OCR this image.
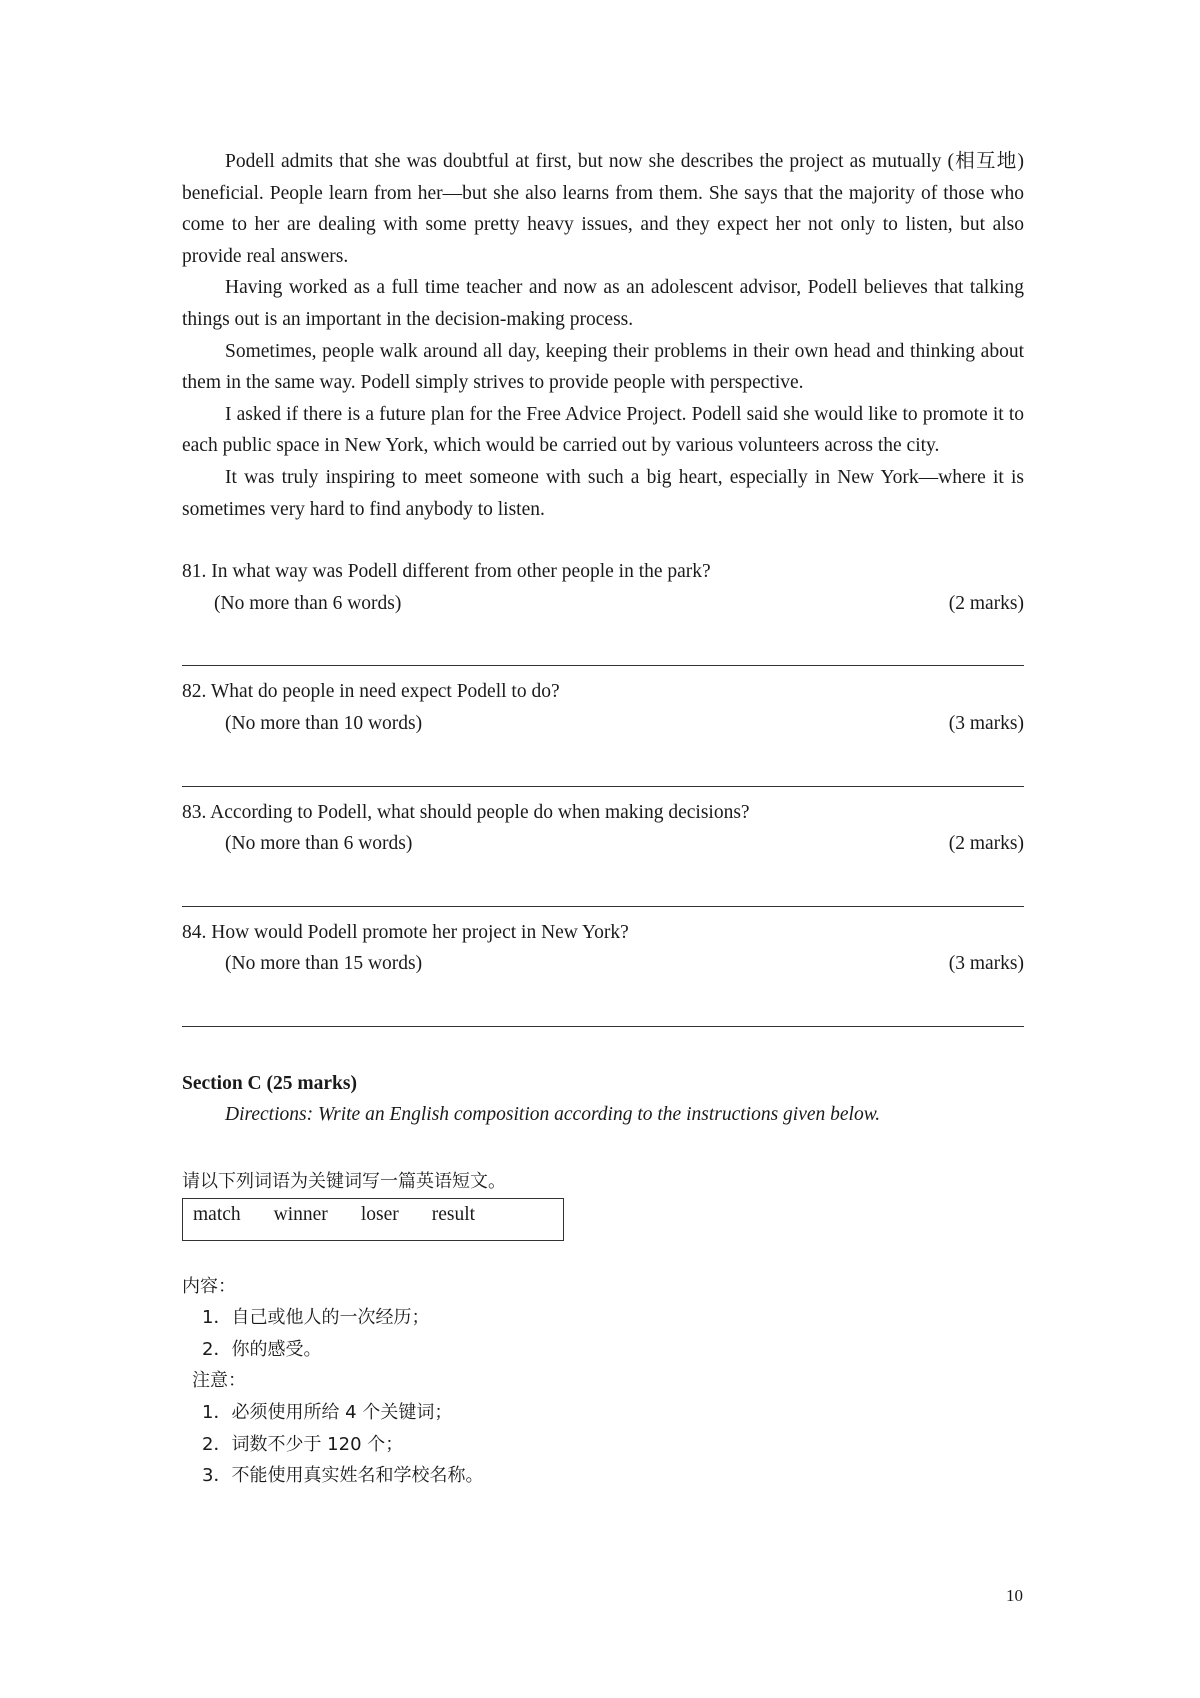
Podell admits that she was doubtful at first, but now she describes the project as mutually (相互地) beneficial. People learn from her—but she also learns from them. She says that the majority of those who come to her are dealing with some pretty heavy issues, and they expect her not only to listen, but also provide real answers.

Having worked as a full time teacher and now as an adolescent advisor, Podell believes that talking things out is an important in the decision-making process.

Sometimes, people walk around all day, keeping their problems in their own head and thinking about them in the same way. Podell simply strives to provide people with perspective.

I asked if there is a future plan for the Free Advice Project. Podell said she would like to promote it to each public space in New York, which would be carried out by various volunteers across the city.

It was truly inspiring to meet someone with such a big heart, especially in New York—where it is sometimes very hard to find anybody to listen.

81. In what way was Podell different from other people in the park?

(No more than 6 words)	(2 marks)

82. What do people in need expect Podell to do?

(No more than 10 words)	(3 marks)

83. According to Podell, what should people do when making decisions?

(No more than 6 words)	(2 marks)

84. How would Podell promote her project in New York?

(No more than 15 words)	(3 marks)

Section C (25 marks)

Directions: Write an English composition according to the instructions given below.

请以下列词语为关键词写一篇英语短文。

match winner loser result

内容：

1．自己或他人的一次经历；

2．你的感受。

注意：

1．必须使用所给 4 个关键词；

2．词数不少于 120 个；

3．不能使用真实姓名和学校名称。

10
